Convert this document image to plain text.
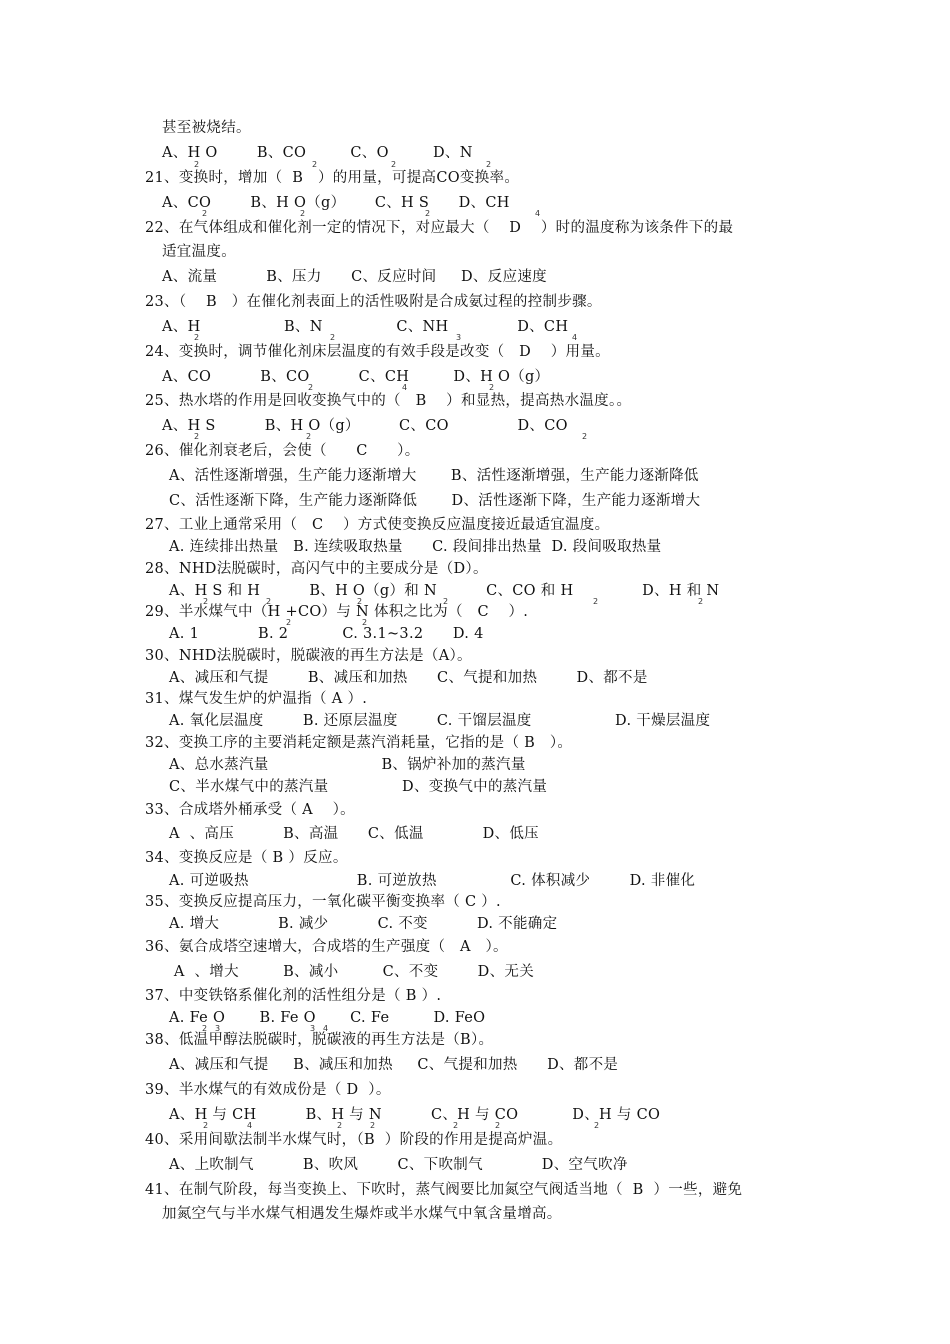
甚至被烧结。
A、H O        B、CO         C、O         D、N
21、变换时，增加（  B   ）的用量，可提高CO变换率。
A、CO        B、H O（g）      C、H S      D、CH
22、在气体组成和催化剂一定的情况下，对应最大（    D    ）时的温度称为该条件下的最
适宜温度。
A、流量          B、压力      C、反应时间     D、反应速度
23、（    B   ）在催化剂表面上的活性吸附是合成氨过程的控制步骤。
A、H                 B、N               C、NH              D、CH
24、变换时，调节催化剂床层温度的有效手段是改变（   D    ）用量。
A、CO          B、CO          C、CH         D、H O（g）
25、热水塔的作用是回收变换气中的（   B    ）和显热，提高热水温度。。
A、H S          B、H O（g）        C、CO              D、CO
26、催化剂衰老后，会使（      C      ）。
A、活性逐渐增强，生产能力逐渐增大       B、活性逐渐增强，生产能力逐渐降低
C、活性逐渐下降，生产能力逐渐降低       D、活性逐渐下降，生产能力逐渐增大
27、工业上通常采用（   C    ）方式使变换反应温度接近最适宜温度。
A. 连续排出热量   B. 连续吸取热量      C. 段间排出热量  D. 段间吸取热量
28、NHD法脱碳时，高闪气中的主要成分是（D）。
A、H S 和 H          B、H O（g）和 N          C、CO 和 H              D、H 和 N
29、半水煤气中（H +CO）与 N 体积之比为（   C    ）.
A. 1            B. 2           C. 3.1~3.2      D. 4
30、NHD法脱碳时，脱碳液的再生方法是（A）。
A、减压和气提        B、减压和加热      C、气提和加热        D、都不是
31、煤气发生炉的炉温指（ A ）.
A. 氧化层温度        B. 还原层温度        C. 干馏层温度                 D. 干燥层温度
32、变换工序的主要消耗定额是蒸汽消耗量，它指的是（ B   ）。
A、总水蒸汽量                       B、锅炉补加的蒸汽量
C、半水煤气中的蒸汽量               D、变换气中的蒸汽量
33、合成塔外桶承受（ A    ）。
A  、高压          B、高温      C、低温            D、低压
34、变换反应是（ B ）反应。
A. 可逆吸热                      B. 可逆放热               C. 体积减少        D. 非催化
35、变换反应提高压力，一氧化碳平衡变换率（ C ）.
A. 增大            B. 减少          C. 不变          D. 不能确定
36、氨合成塔空速增大，合成塔的生产强度（   A   ）。
A  、增大         B、减小         C、不变        D、无关
37、中变铁铬系催化剂的活性组分是（ B ）.
A. Fe O       B. Fe O       C. Fe         D. FeO
38、低温甲醇法脱碳时，脱碳液的再生方法是（B）。
A、减压和气提     B、减压和加热     C、气提和加热      D、都不是
39、半水煤气的有效成份是（ D  ）。
A、H 与 CH          B、H 与 N          C、H 与 CO           D、H 与 CO
40、采用间歇法制半水煤气时，（B  ）阶段的作用是提高炉温。
A、上吹制气          B、吹风        C、下吹制气            D、空气吹净
41、在制气阶段，每当变换上、下吹时，蒸气阀要比加氮空气阀适当地（  B  ）一些，避免
加氮空气与半水煤气相遇发生爆炸或半水煤气中氧含量增高。
2	2	2	2
2	2	2	4
2	2	3	4
2	4	2
2	2	2
2	2	2	2	2	2
2	2
2 3	3 4
2	4	2	2	2	2	2
